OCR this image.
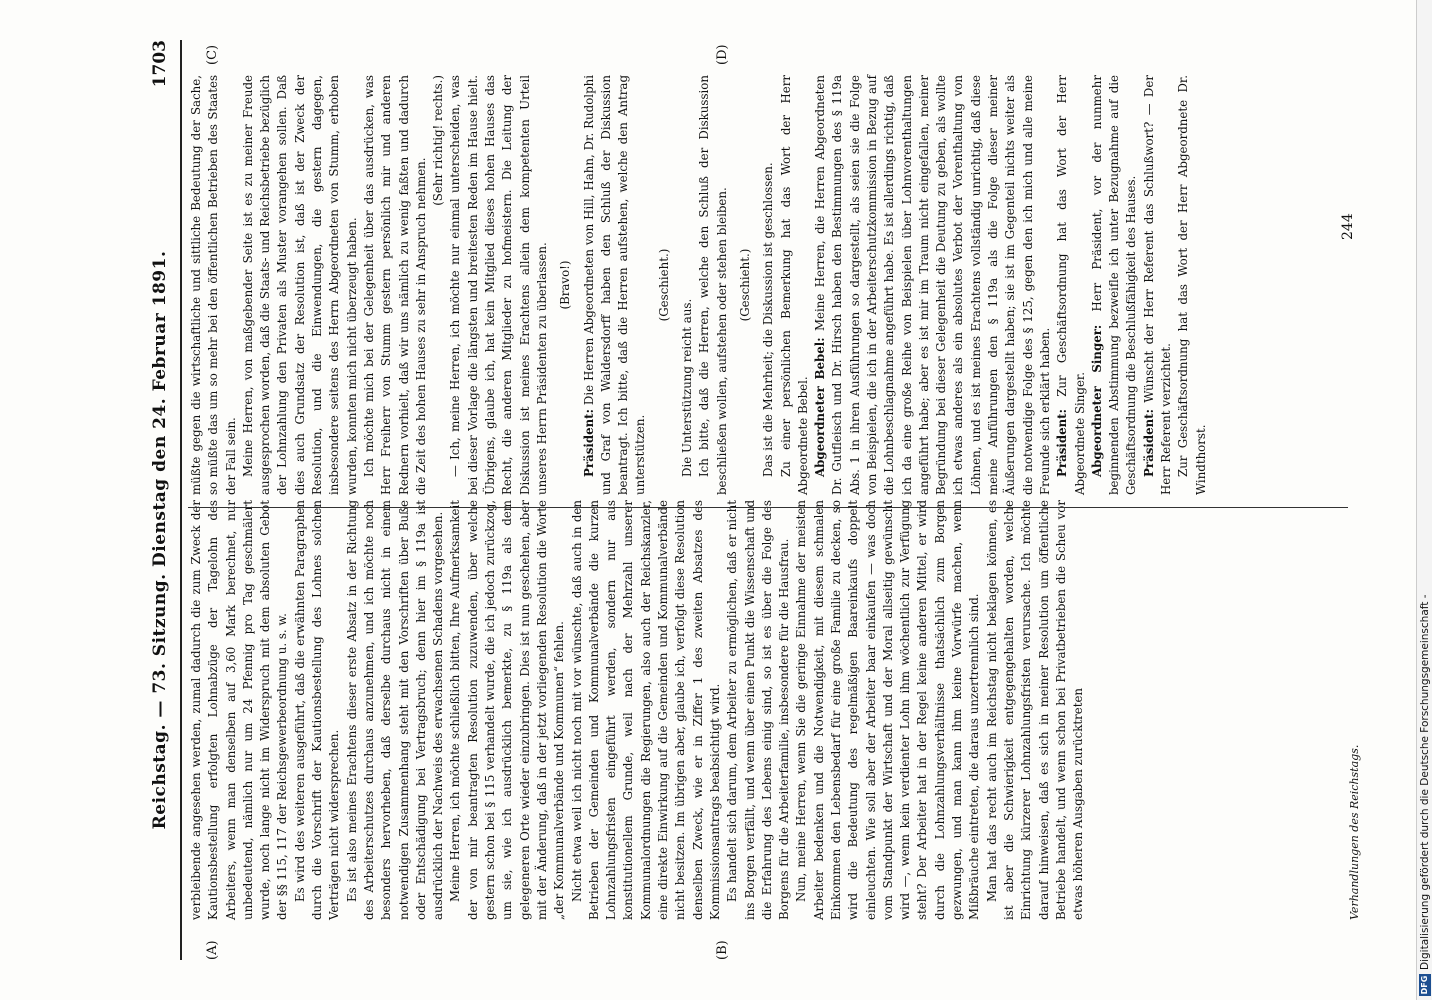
Reichstag. — 73. Sitzung. Dienstag den 24. Februar 1891.
1703
(A)	(B)
(C)	(D)

verbleibende angesehen werden, zumal dadurch die zum Zweck der Kautionsbestellung erfolgten Lohnabzüge der Tagelohn des Arbeiters, wenn man denselben auf 3,60 Mark berechnet, nur unbedeutend, nämlich nur um 24 Pfennig pro Tag geschmälert wurde, noch lange nicht im Widerspruch mit dem absoluten Gebot der §§ 115, 117 der Reichsgewerbeordnung u. s. w. Es wird des weiteren ausgeführt, daß die erwähnten Paragraphen durch die Vorschrift der Kautionsbestellung des Lohnes solchen Verträgen nicht widersprechen. Es ist also meines Erachtens dieser erste Absatz in der Richtung des Arbeiterschutzes durchaus anzunehmen, und ich möchte noch besonders hervorheben, daß derselbe durchaus nicht in einem notwendigen Zusammenhang steht mit den Vorschriften über Buße oder Entschädigung bei Vertragsbruch; denn hier im § 119a ist ausdrücklich der Nachweis des erwachsenen Schadens vorgesehen. Meine Herren, ich möchte schließlich bitten, Ihre Aufmerksamkeit der von mir beantragten Resolution zuzuwenden, über welche gestern schon bei § 115 verhandelt wurde, die ich jedoch zurückzog, um sie, wie ich ausdrücklich bemerkte, zu § 119a als dem gelegeneren Orte wieder einzubringen. Dies ist nun geschehen, aber mit der Änderung, daß in der jetzt vorliegenden Resolution die Worte „der Kommunalverbände und Kommunen“ fehlen. Nicht etwa weil ich nicht noch mit vor wünschte, daß auch in den Betrieben der Gemeinden und Kommunalverbände die kurzen Lohnzahlungsfristen eingeführt werden, sondern nur aus konstitutionellem Grunde, weil nach der Mehrzahl unserer Kommunalordnungen die Regierungen, also auch der Reichskanzler, eine direkte Einwirkung auf die Gemeinden und Kommunalverbände nicht besitzen. Im übrigen aber, glaube ich, verfolgt diese Resolution denselben Zweck, wie er in Ziffer 1 des zweiten Absatzes des Kommissionsantrags beabsichtigt wird. Es handelt sich darum, dem Arbeiter zu ermöglichen, daß er nicht ins Borgen verfällt, und wenn über einen Punkt die Wissenschaft und die Erfahrung des Lebens einig sind, so ist es über die Folge des Borgens für die Arbeiterfamilie, insbesondere für die Hausfrau. Nun, meine Herren, wenn Sie die geringe Einnahme der meisten Arbeiter bedenken und die Notwendigkeit, mit diesem schmalen Einkommen den Lebensbedarf für eine große Familie zu decken, so wird die Bedeutung des regelmäßigen Baareinkaufs doppelt einleuchten. Wie soll aber der Arbeiter baar einkaufen — was doch vom Standpunkt der Wirtschaft und der Moral allseitig gewünscht wird —, wenn kein verdienter Lohn ihm wöchentlich zur Verfügung steht? Der Arbeiter hat in der Regel keine anderen Mittel, er wird durch die Lohnzahlungsverhältnisse thatsächlich zum Borgen gezwungen, und man kann ihm keine Vorwürfe machen, wenn Mißbräuche eintreten, die daraus unzertrennlich sind. Man hat das recht auch im Reichstag nicht beklagen können, es ist aber die Schwierigkeit entgegengehalten worden, welche Einrichtung kürzerer Lohnzahlungsfristen verursache. Ich möchte darauf hinweisen, daß es sich in meiner Resolution um öffentliche Betriebe handelt, und wenn schon bei Privatbetrieben die Scheu vor etwas höheren Ausgaben zurücktreten

müßte gegen die wirtschaftliche und sittliche Bedeutung der Sache, so müßte das um so mehr bei den öffentlichen Betrieben des Staates der Fall sein. Meine Herren, von maßgebender Seite ist es zu meiner Freude ausgesprochen worden, daß die Staats- und Reichsbetriebe bezüglich der Lohnzahlung den Privaten als Muster vorangehen sollen. Daß dies auch Grundsatz der Resolution ist, daß ist der Zweck der Resolution, und die Einwendungen, die gestern dagegen, insbesondere seitens des Herrn Abgeordneten von Stumm, erhoben wurden, konnten mich nicht überzeugt haben. Ich möchte mich bei der Gelegenheit über das ausdrücken, was Herr Freiherr von Stumm gestern persönlich mir und anderen Rednern vorhielt, daß wir uns nämlich zu wenig faßten und dadurch die Zeit des hohen Hauses zu sehr in Anspruch nehmen.

(Sehr richtig! rechts.) — Ich, meine Herren, ich möchte nur einmal unterscheiden, was bei dieser Vorlage die längsten und breitesten Reden im Hause hielt. Übrigens, glaube ich, hat kein Mitglied dieses hohen Hauses das Recht, die anderen Mitglieder zu hofmeistern. Die Leitung der Diskussion ist meines Erachtens allein dem kompetenten Urteil unseres Herrn Präsidenten zu überlassen. (Bravo!)

Präsident: Die Herren Abgeordneten von Hill, Hahn, Dr. Rudolphi und Graf von Waldersdorff haben den Schluß der Diskussion beantragt. Ich bitte, daß die Herren aufstehen, welche den Antrag unterstützen.

(Geschieht.)

Die Unterstützung reicht aus. Ich bitte, daß die Herren, welche den Schluß der Diskussion beschließen wollen, aufstehen oder stehen bleiben. (Geschieht.) Das ist die Mehrheit; die Diskussion ist geschlossen. Zu einer persönlichen Bemerkung hat das Wort der Herr Abgeordnete Bebel. Abgeordneter Bebel: Meine Herren, die Herren Abgeordneten Dr. Gutfleisch und Dr. Hirsch haben den Bestimmungen des § 119a Abs. 1 in ihren Ausführungen so dargestellt, als seien sie die Folge von Beispielen, die ich in der Arbeiterschutzkommission in Bezug auf die Lohnbeschlagnahme angeführt habe. Es ist allerdings richtig, daß ich da eine große Reihe von Beispielen über Lohnvorenthaltungen angeführt habe; aber es ist mir im Traum nicht eingefallen, meiner Begründung bei dieser Gelegenheit die Deutung zu geben, als wollte ich etwas anderes als ein absolutes Verbot der Vorenthaltung von Löhnen, und es ist meines Erachtens vollständig unrichtig, daß diese meine Anführungen den § 119a als die Folge dieser meiner Äußerungen dargestellt haben; sie ist im Gegenteil nichts weiter als die notwendige Folge des § 125, gegen den ich mich und alle meine Freunde sich erklärt haben. Präsident: Zur Geschäftsordnung hat das Wort der Herr Abgeordnete Singer. Abgeordneter Singer: Herr Präsident, vor der nunmehr beginnenden Abstimmung bezweifle ich unter Bezugnahme auf die Geschäftsordnung die Beschlußfähigkeit des Hauses. Präsident: Wünscht der Herr Referent das Schlußwort? — Der Herr Referent verzichtet. Zur Geschäftsordnung hat das Wort der Herr Abgeordnete Dr. Windthorst.

Verhandlungen des Reichstags.
244
DFG
Digitalisierung gefördert durch die Deutsche Forschungsgemeinschaft -
